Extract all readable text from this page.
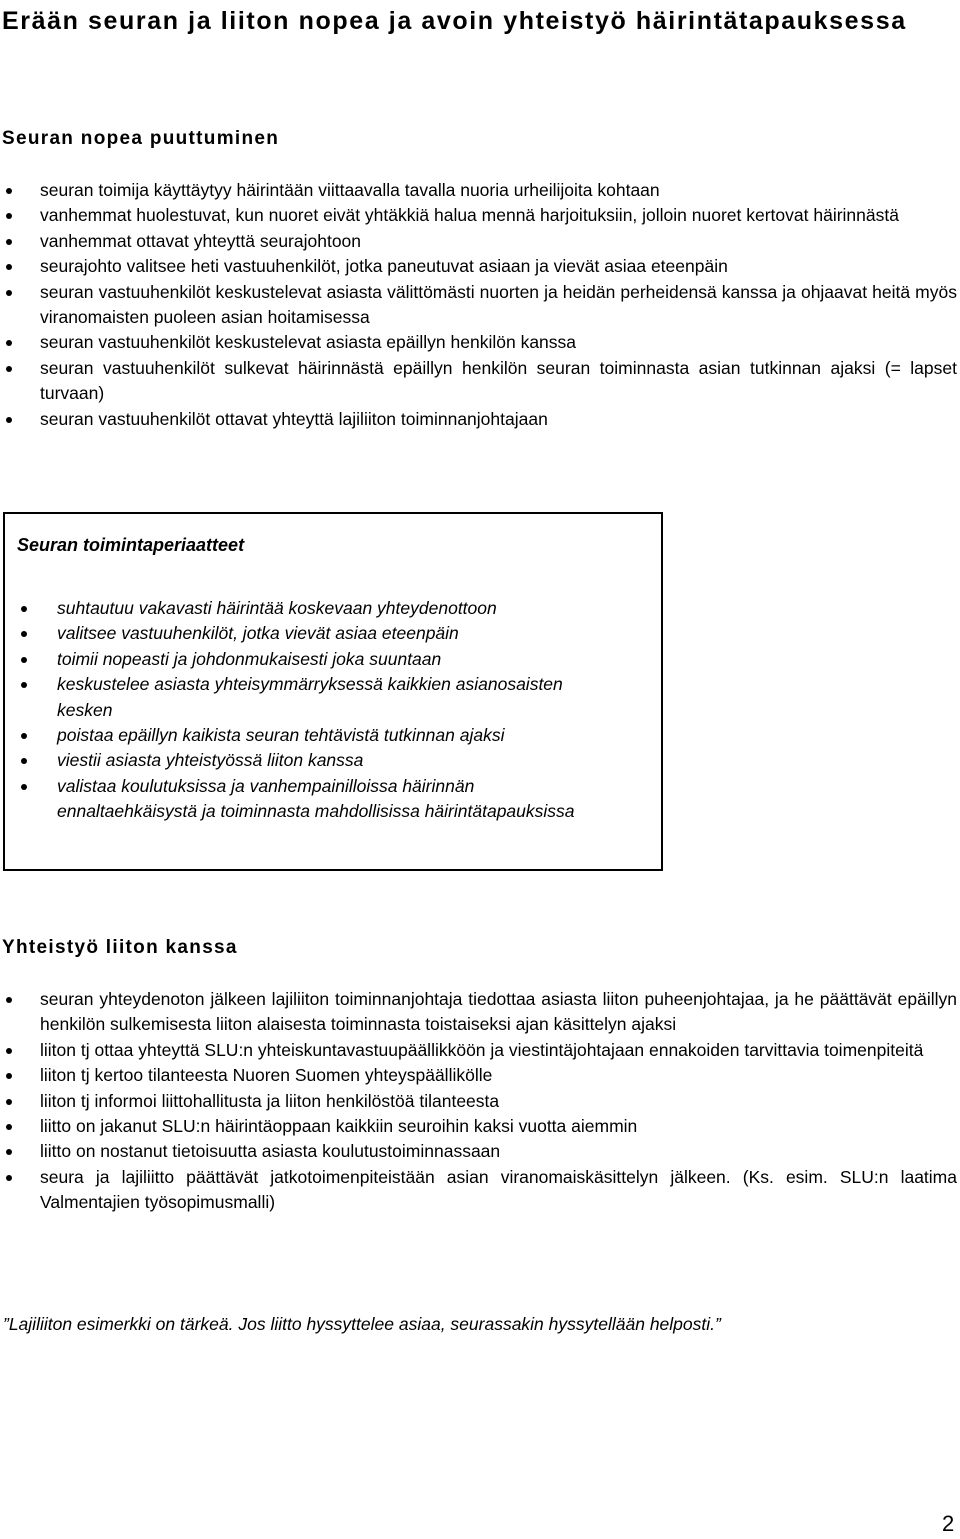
Erään seuran ja liiton nopea ja avoin yhteistyö häirintätapauksessa
Seuran nopea puuttuminen
seuran toimija käyttäytyy häirintään viittaavalla tavalla nuoria urheilijoita kohtaan
vanhemmat huolestuvat, kun nuoret eivät yhtäkkiä halua mennä harjoituksiin, jolloin nuoret kertovat häirinnästä
vanhemmat ottavat yhteyttä seurajohtoon
seurajohto valitsee heti vastuuhenkilöt, jotka paneutuvat asiaan ja vievät asiaa eteenpäin
seuran vastuuhenkilöt keskustelevat asiasta välittömästi nuorten ja heidän perheidensä kanssa ja ohjaavat heitä myös viranomaisten puoleen asian hoitamisessa
seuran vastuuhenkilöt keskustelevat asiasta epäillyn henkilön kanssa
seuran vastuuhenkilöt sulkevat häirinnästä epäillyn henkilön seuran toiminnasta asian tutkinnan ajaksi (= lapset turvaan)
seuran vastuuhenkilöt ottavat yhteyttä lajiliiton toiminnanjohtajaan
Seuran toimintaperiaatteet
suhtautuu vakavasti häirintää koskevaan yhteydenottoon
valitsee vastuuhenkilöt, jotka vievät asiaa eteenpäin
toimii nopeasti ja johdonmukaisesti joka suuntaan
keskustelee asiasta yhteisymmärryksessä kaikkien asianosaisten kesken
poistaa epäillyn kaikista seuran tehtävistä tutkinnan ajaksi
viestii asiasta yhteistyössä liiton kanssa
valistaa koulutuksissa ja vanhempainilloissa häirinnän ennaltaehkäisystä ja toiminnasta mahdollisissa häirintätapauksissa
Yhteistyö liiton kanssa
seuran yhteydenoton jälkeen lajiliiton toiminnanjohtaja tiedottaa asiasta liiton puheenjohtajaa, ja he päättävät epäillyn henkilön sulkemisesta liiton alaisesta toiminnasta toistaiseksi ajan käsittelyn ajaksi
liiton tj ottaa yhteyttä SLU:n yhteiskuntavastuupäällikköön ja viestintäjohtajaan ennakoiden tarvittavia toimenpiteitä
liiton tj kertoo tilanteesta Nuoren Suomen yhteyspäällikölle
liiton tj informoi liittohallitusta ja liiton henkilöstöä tilanteesta
liitto on jakanut SLU:n häirintäoppaan kaikkiin seuroihin kaksi vuotta aiemmin
liitto on nostanut tietoisuutta asiasta koulutustoiminnassaan
seura ja lajiliitto päättävät jatkotoimenpiteistään asian viranomaiskäsittelyn jälkeen. (Ks. esim. SLU:n laatima Valmentajien työsopimusmalli)
”Lajiliiton esimerkki on tärkeä. Jos liitto hyssyttelee asiaa, seurassakin hyssytellään helposti.”
2
